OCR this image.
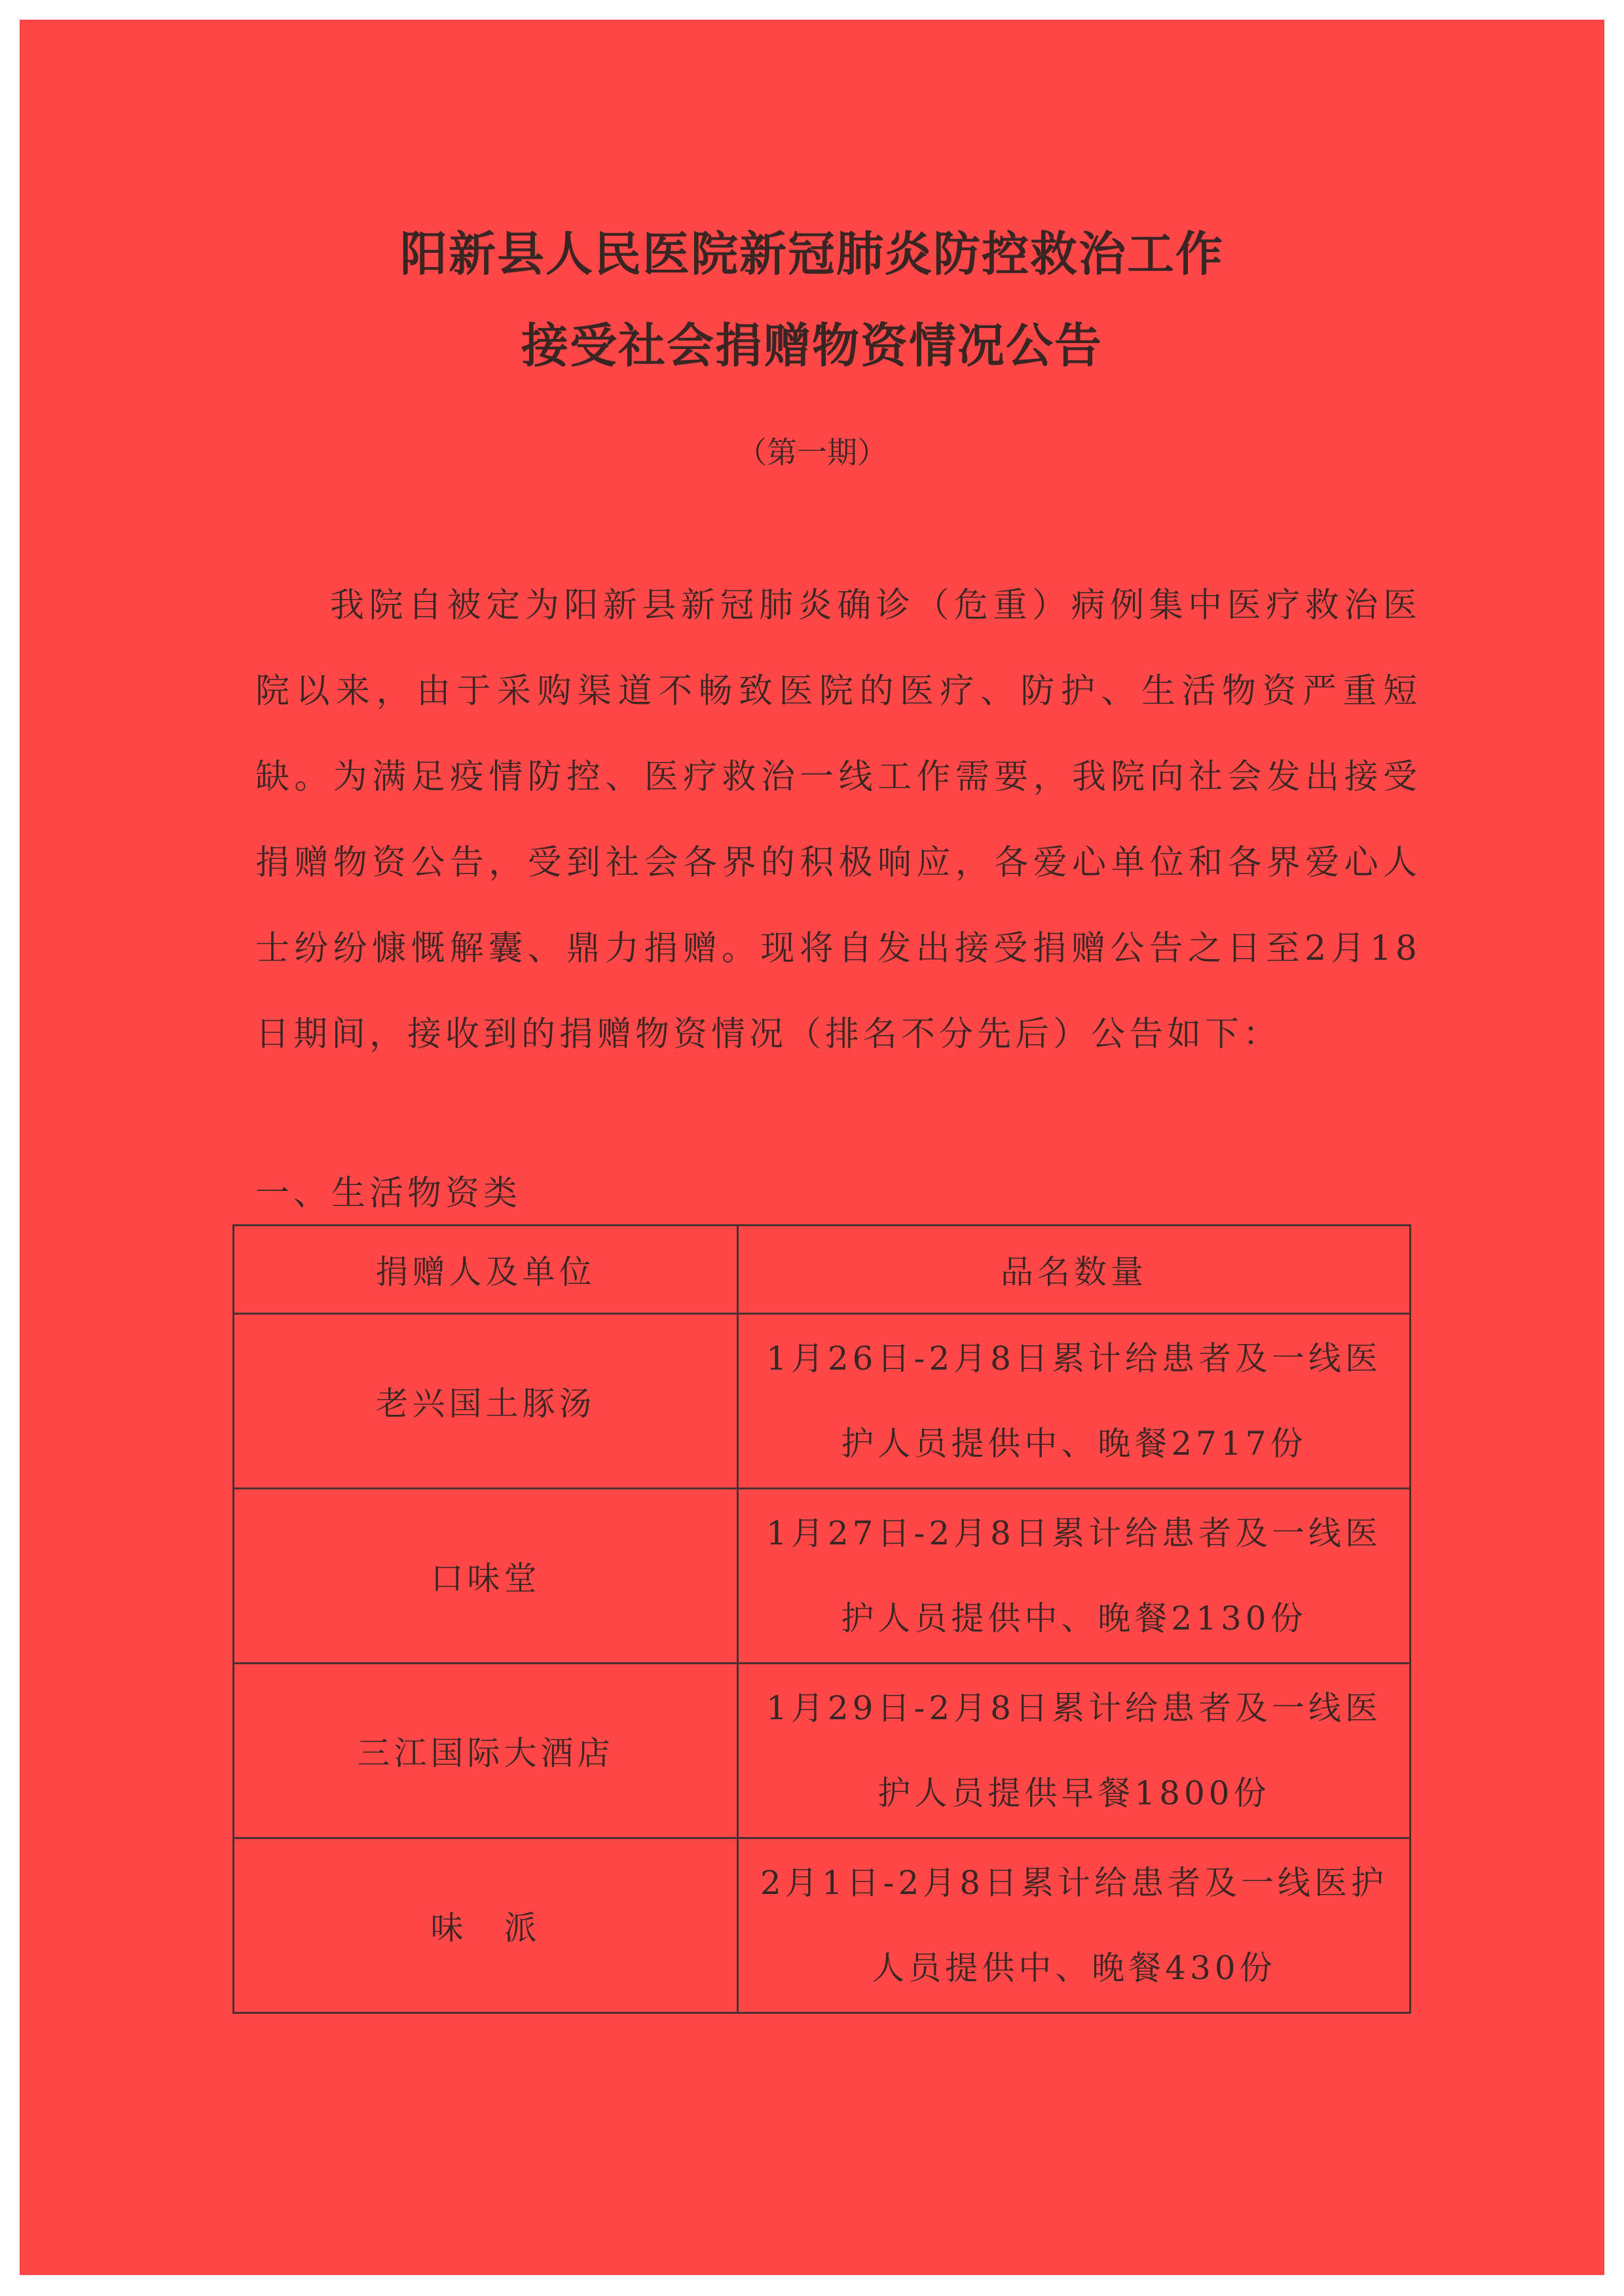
阳新县人民医院新冠肺炎防控救治工作
接受社会捐赠物资情况公告

（第一期）

我院自被定为阳新县新冠肺炎确诊（危重）病例集中医疗救治医院以来，由于采购渠道不畅致医院的医疗、防护、生活物资严重短缺。为满足疫情防控、医疗救治一线工作需要，我院向社会发出接受捐赠物资公告，受到社会各界的积极响应，各爱心单位和各界爱心人士纷纷慷慨解囊、鼎力捐赠。现将自发出接受捐赠公告之日至2月18日期间，接收到的捐赠物资情况（排名不分先后）公告如下：

一、生活物资类

捐赠人及单位	品名数量
老兴国土豚汤	1月26日-2月8日累计给患者及一线医护人员提供中、晚餐2717份
口味堂	1月27日-2月8日累计给患者及一线医护人员提供中、晚餐2130份
三江国际大酒店	1月29日-2月8日累计给患者及一线医护人员提供早餐1800份
味　派	2月1日-2月8日累计给患者及一线医护人员提供中、晚餐430份
